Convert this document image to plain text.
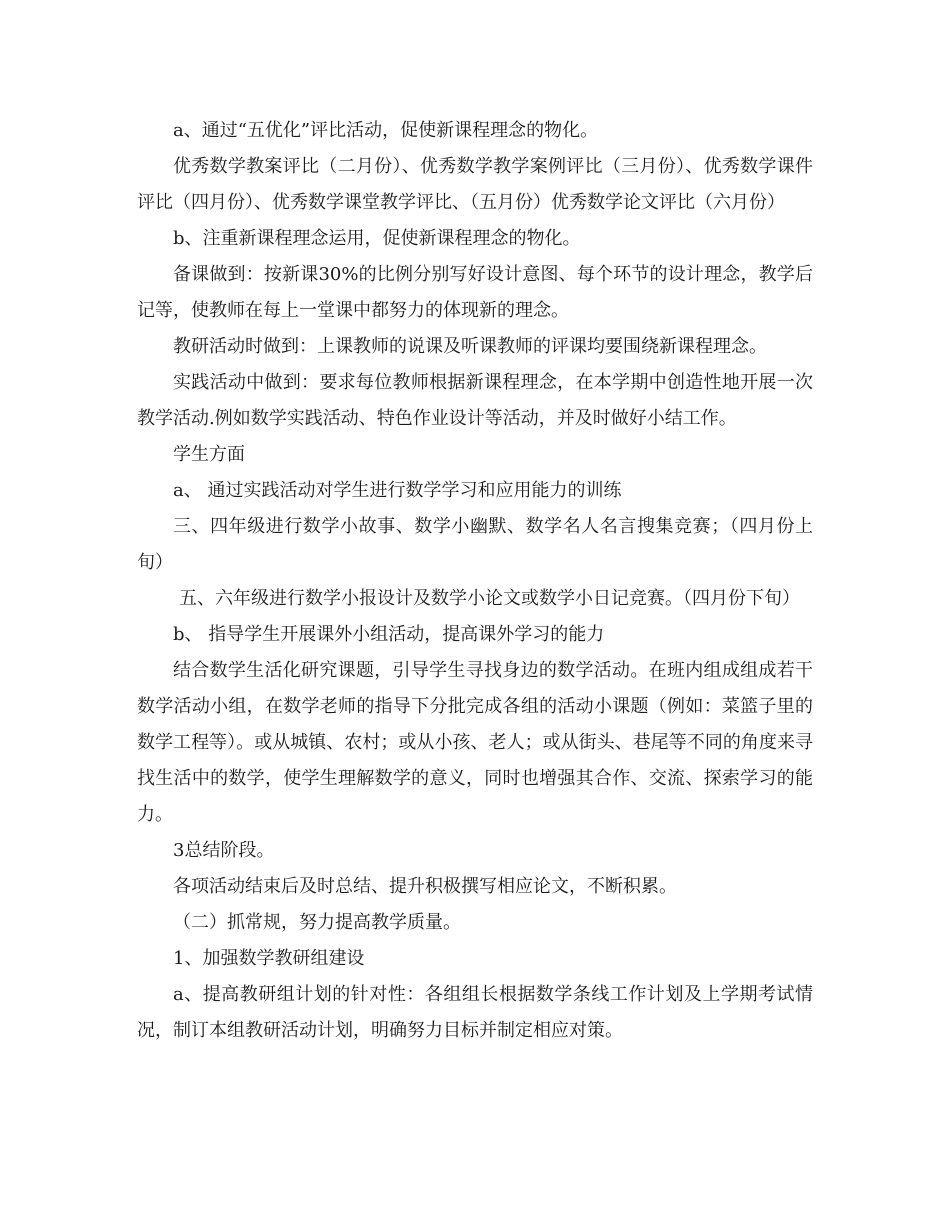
a、通过“五优化”评比活动，促使新课程理念的物化。

优秀数学教案评比（二月份）、优秀数学教学案例评比（三月份）、优秀数学课件评比（四月份）、优秀数学课堂教学评比、（五月份）优秀数学论文评比（六月份）

b、注重新课程理念运用，促使新课程理念的物化。

备课做到：按新课30%的比例分别写好设计意图、每个环节的设计理念，教学后记等，使教师在每上一堂课中都努力的体现新的理念。

教研活动时做到：上课教师的说课及听课教师的评课均要围绕新课程理念。

实践活动中做到：要求每位教师根据新课程理念，在本学期中创造性地开展一次教学活动.例如数学实践活动、特色作业设计等活动，并及时做好小结工作。

学生方面

a、 通过实践活动对学生进行数学学习和应用能力的训练

三、四年级进行数学小故事、数学小幽默、数学名人名言搜集竞赛；（四月份上旬）

五、六年级进行数学小报设计及数学小论文或数学小日记竞赛。（四月份下旬）

b、 指导学生开展课外小组活动，提高课外学习的能力

结合数学生活化研究课题，引导学生寻找身边的数学活动。在班内组成组成若干数学活动小组，在数学老师的指导下分批完成各组的活动小课题（例如：菜篮子里的数学工程等）。或从城镇、农村；或从小孩、老人；或从街头、巷尾等不同的角度来寻找生活中的数学，使学生理解数学的意义，同时也增强其合作、交流、探索学习的能力。

3总结阶段。

各项活动结束后及时总结、提升积极撰写相应论文，不断积累。

（二）抓常规，努力提高教学质量。

1、加强数学教研组建设

a、提高教研组计划的针对性：各组组长根据数学条线工作计划及上学期考试情况，制订本组教研活动计划，明确努力目标并制定相应对策。
